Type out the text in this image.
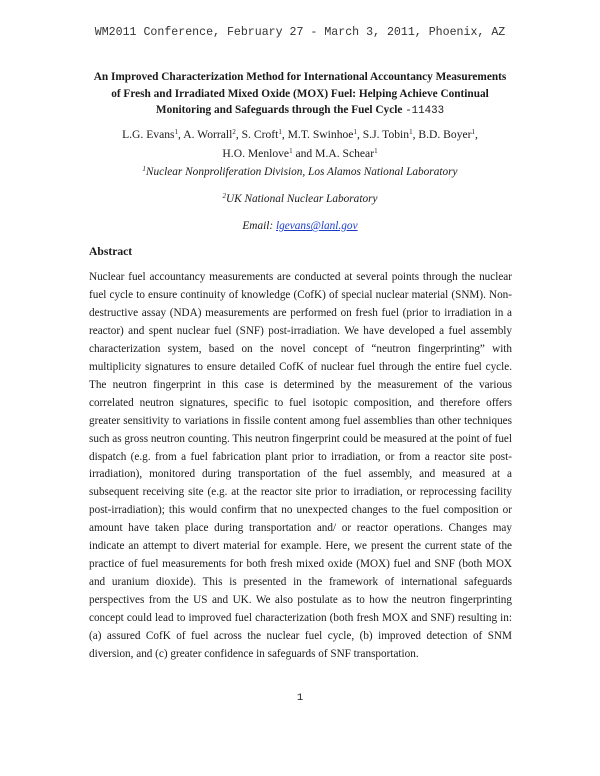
WM2011 Conference, February 27 - March 3, 2011, Phoenix, AZ
An Improved Characterization Method for International Accountancy Measurements of Fresh and Irradiated Mixed Oxide (MOX) Fuel: Helping Achieve Continual Monitoring and Safeguards through the Fuel Cycle -11433
L.G. Evans$^1$, A. Worrall$^2$, S. Croft$^1$, M.T. Swinhoe$^1$, S.J. Tobin$^1$, B.D. Boyer$^1$,
H.O. Menlove$^1$ and M.A. Schear$^1$
$^1$Nuclear Nonproliferation Division, Los Alamos National Laboratory
$^2$UK National Nuclear Laboratory
Email: lgevans@lanl.gov
Abstract
Nuclear fuel accountancy measurements are conducted at several points through the nuclear fuel cycle to ensure continuity of knowledge (CofK) of special nuclear material (SNM). Non-destructive assay (NDA) measurements are performed on fresh fuel (prior to irradiation in a reactor) and spent nuclear fuel (SNF) post-irradiation. We have developed a fuel assembly characterization system, based on the novel concept of “neutron fingerprinting” with multiplicity signatures to ensure detailed CofK of nuclear fuel through the entire fuel cycle. The neutron fingerprint in this case is determined by the measurement of the various correlated neutron signatures, specific to fuel isotopic composition, and therefore offers greater sensitivity to variations in fissile content among fuel assemblies than other techniques such as gross neutron counting. This neutron fingerprint could be measured at the point of fuel dispatch (e.g. from a fuel fabrication plant prior to irradiation, or from a reactor site post-irradiation), monitored during transportation of the fuel assembly, and measured at a subsequent receiving site (e.g. at the reactor site prior to irradiation, or reprocessing facility post-irradiation); this would confirm that no unexpected changes to the fuel composition or amount have taken place during transportation and/ or reactor operations. Changes may indicate an attempt to divert material for example. Here, we present the current state of the practice of fuel measurements for both fresh mixed oxide (MOX) fuel and SNF (both MOX and uranium dioxide). This is presented in the framework of international safeguards perspectives from the US and UK. We also postulate as to how the neutron fingerprinting concept could lead to improved fuel characterization (both fresh MOX and SNF) resulting in: (a) assured CofK of fuel across the nuclear fuel cycle, (b) improved detection of SNM diversion, and (c) greater confidence in safeguards of SNF transportation.
1
